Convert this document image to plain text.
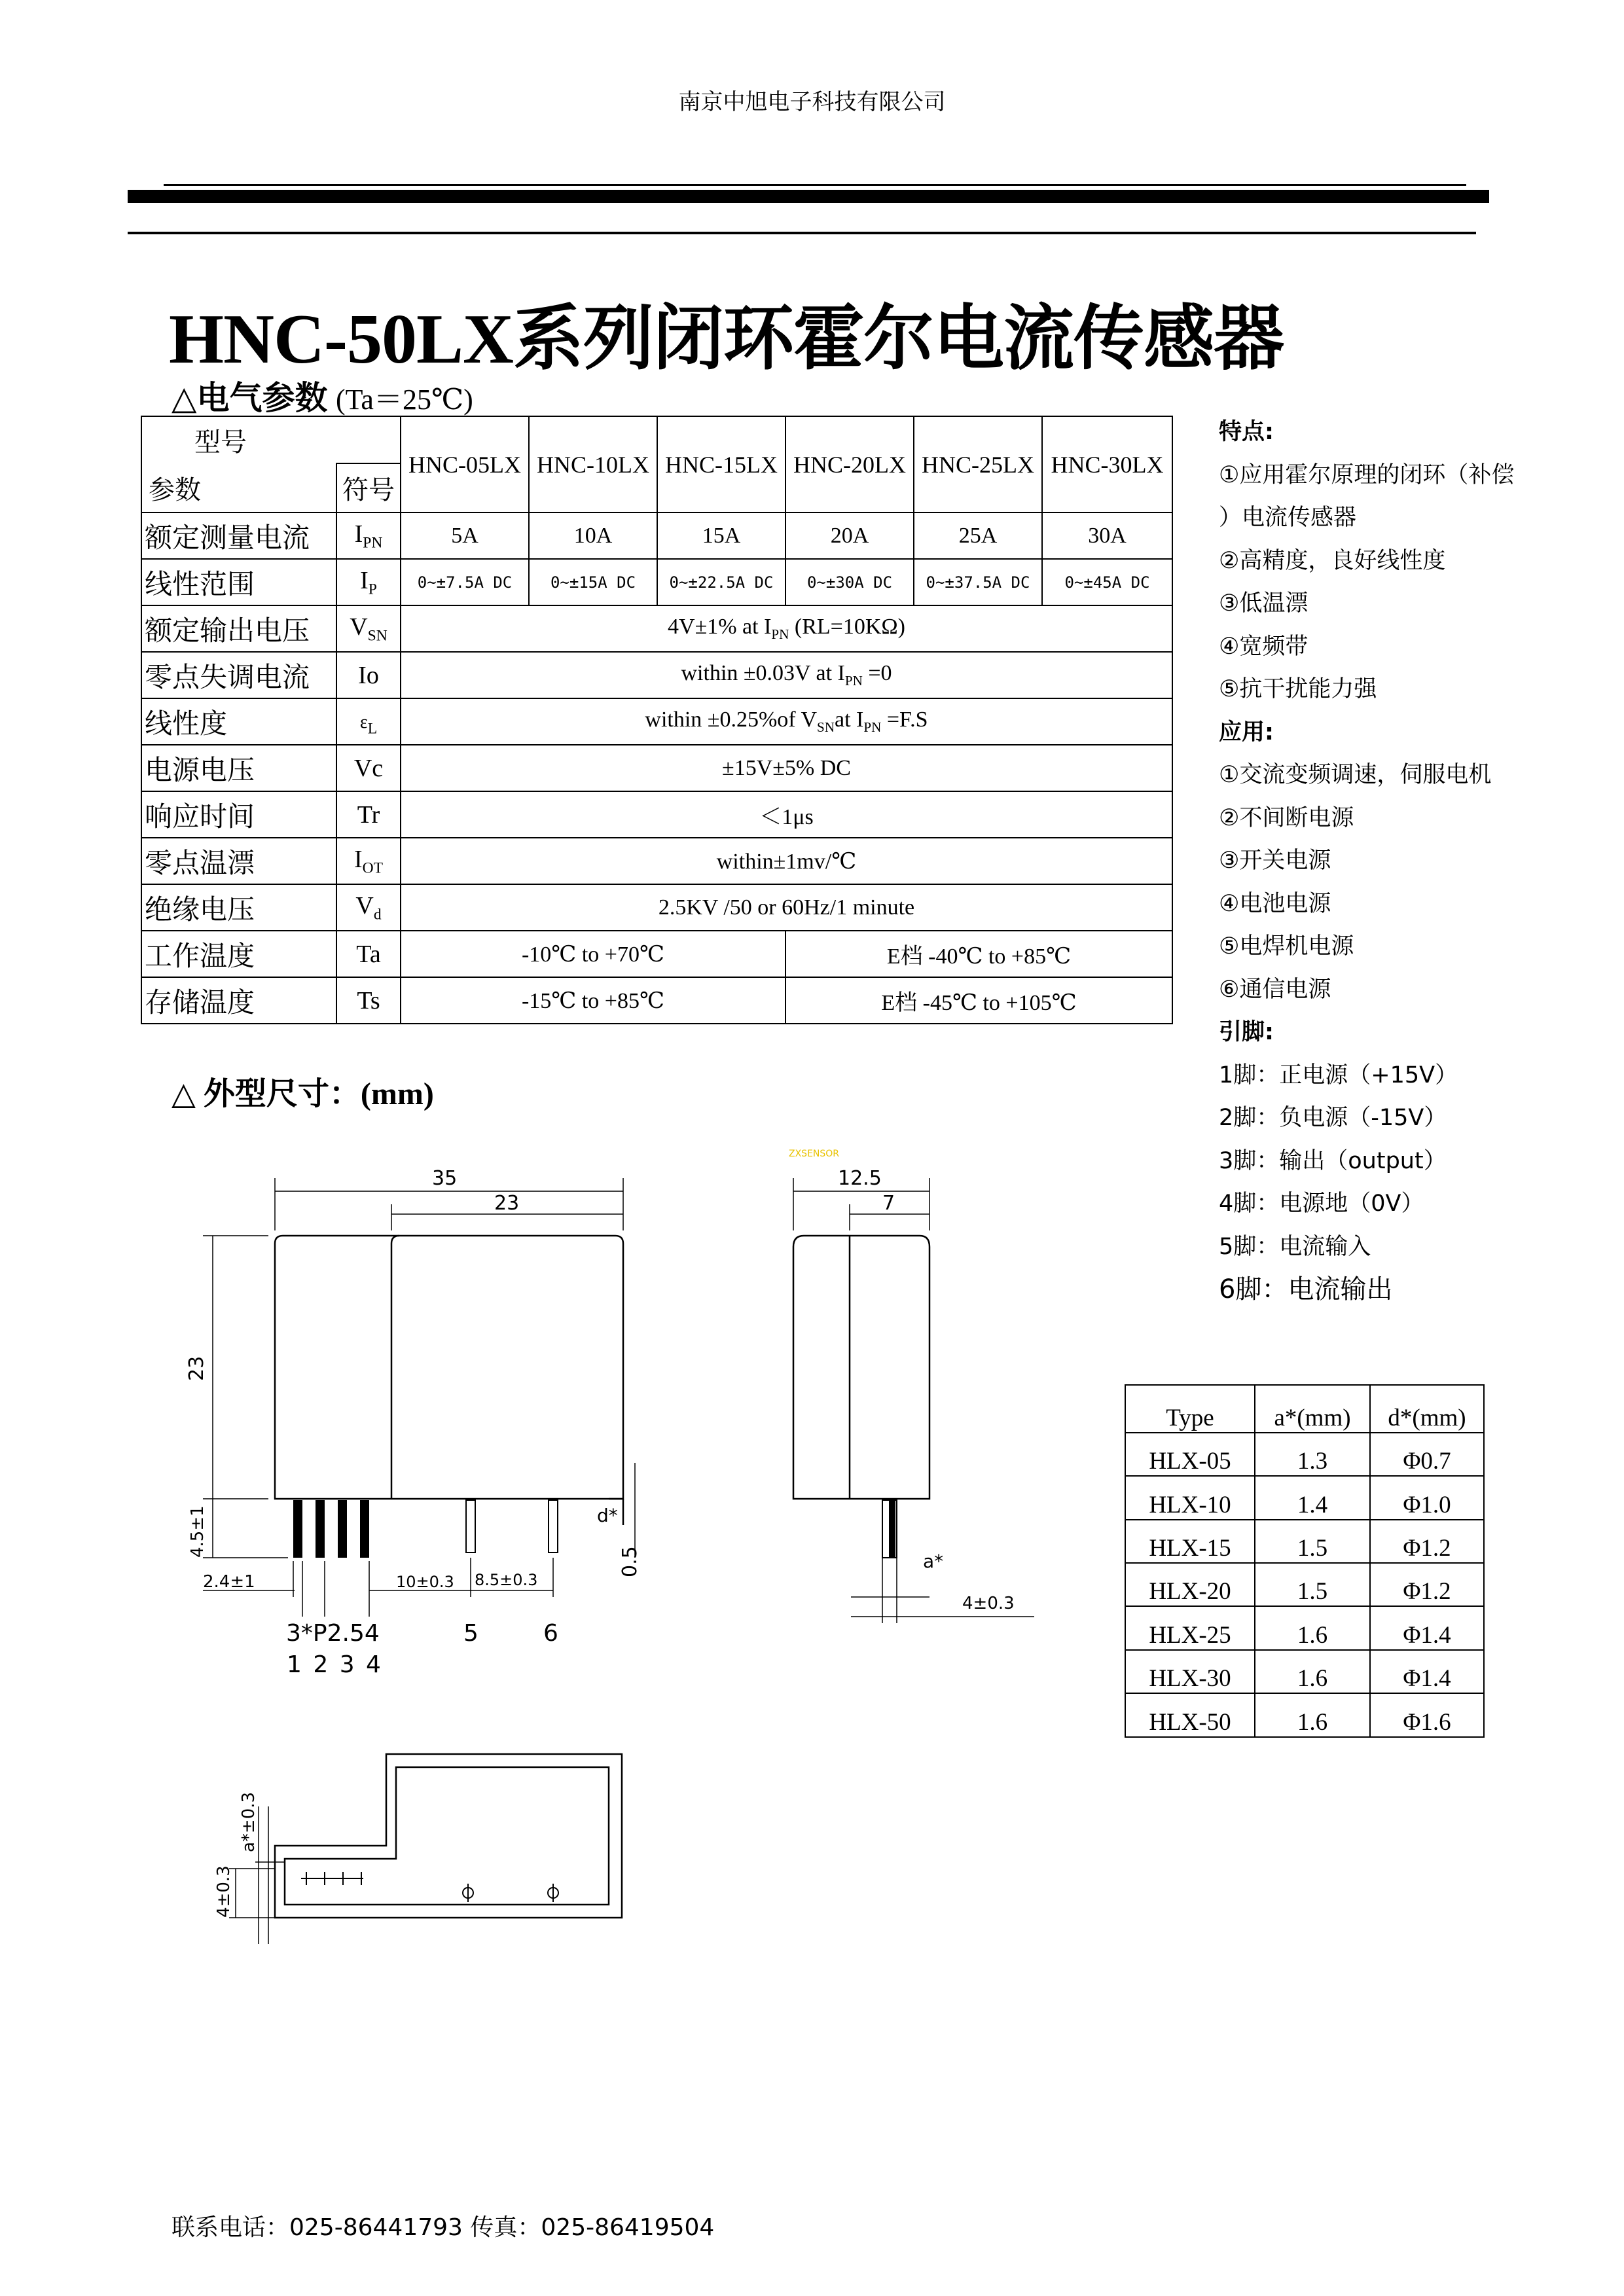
南京中旭电子科技有限公司
HNC-50LX系列闭环霍尔电流传感器
△电气参数 (Ta＝25℃)
型号		HNC-05LX	HNC-10LX	HNC-15LX	HNC-20LX	HNC-25LX	HNC-30LX
参数	符号						
额定测量电流	$I_{PN}$	5A	10A	15A	20A	25A	30A
线性范围	$I_P$	0~±7.5A DC	0~±15A DC	0~±22.5A DC	0~±30A DC	0~±37.5A DC	0~±45A DC
额定输出电压	$V_{SN}$	4V±1% at $I_{PN}$ (RL=10KΩ)					
零点失调电流	Io	within ±0.03V at $I_{PN} =0$					
线性度	$\varepsilon_L$	within ±0.25%of $V_{SN}at$ $I_{PN} =F.S$					
电源电压	Vc	±15V±5% DC					
响应时间	Tr	＜1μs					
零点温漂	$I_{OT}$	within±1mv/℃					
绝缘电压	$V_d$	2.5KV /50 or 60Hz/1 minute					
工作温度	Ta	-10℃ to +70℃			E档 -40℃ to +85℃		
存储温度	Ts	-15℃ to +85℃			E档 -45℃ to +105℃		
特点:
①应用霍尔原理的闭环（补偿
）电流传感器
②高精度，良好线性度
③低温漂
④宽频带
⑤抗干扰能力强
应用:
①交流变频调速，伺服电机
②不间断电源
③开关电源
④电池电源
⑤电焊机电源
⑥通信电源
引脚:
1脚：正电源（+15V）
2脚：负电源（-15V）
3脚：输出（output）
4脚：电源地（0V）
5脚：电流输入
6脚：电流输出
△ 外型尺寸：(mm)
ZXSENSOR
35
23
23
4.5±1
2.4±1	10±0.3 8.5±0.3
d*
0.5
3*P2.54
1 2 3 4
5	6
12.5
7
a*
4±0.3
4±0.3
a*±0.3
Type	a*(mm)	d*(mm)
HLX-05	1.3	Φ0.7
HLX-10	1.4	Φ1.0
HLX-15	1.5	Φ1.2
HLX-20	1.5	Φ1.2
HLX-25	1.6	Φ1.4
HLX-30	1.6	Φ1.4
HLX-50	1.6	Φ1.6
联系电话：025-86441793 传真：025-86419504
